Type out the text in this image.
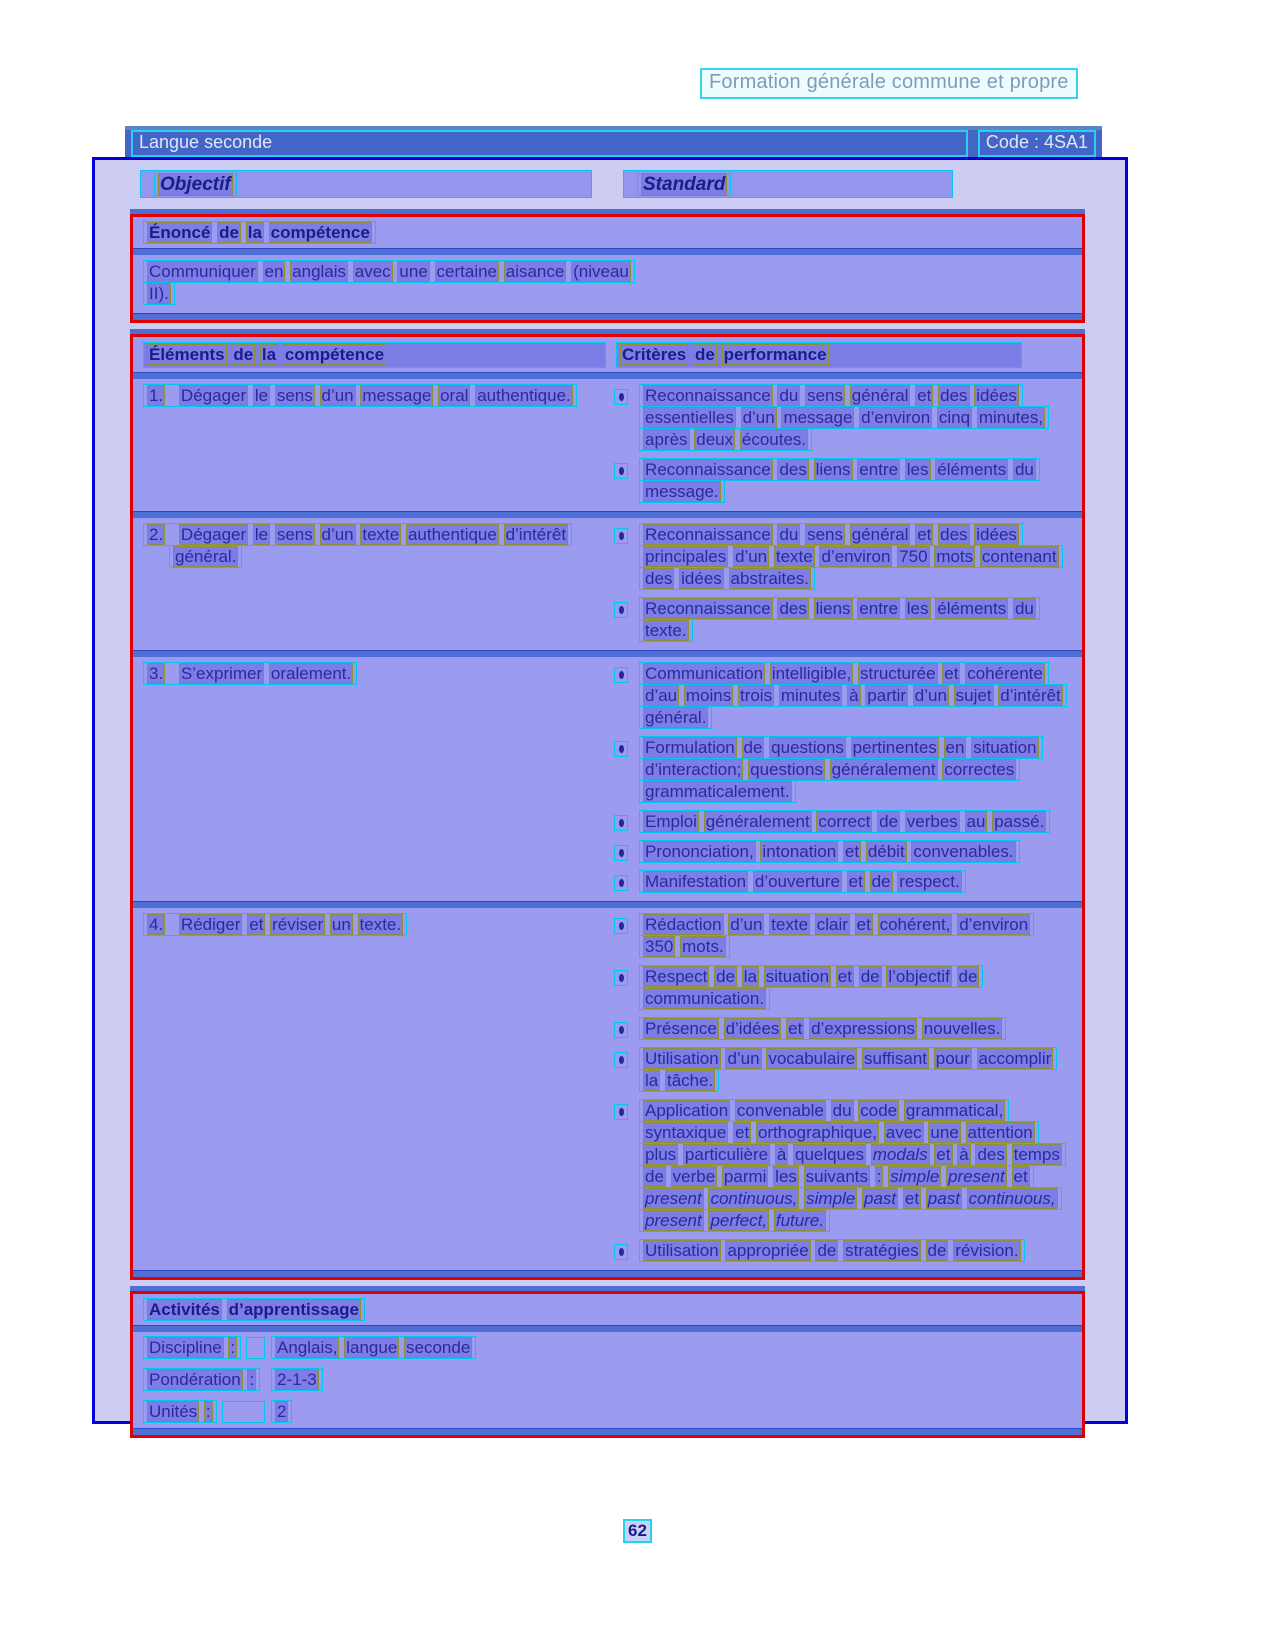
Formation générale commune et propre
Langue seconde	Code : 4SA1
Objectif	Standard
Énoncé de la compétence
Communiquer en anglais avec une certaine aisance (niveau II).
Éléments de la compétence	Critères de performance
1. Dégager le sens d’un message oral authentique.	Reconnaissance du sens général et des idées essentielles d’un message d’environ cinq minutes, après deux écoutes.
Reconnaissance des liens entre les éléments du message.
2. Dégager le sens d’un texte authentique d’intérêt général.
Reconnaissance du sens général et des idées principales d’un texte d’environ 750 mots contenant des idées abstraites.
Reconnaissance des liens entre les éléments du texte.
3. S’exprimer oralement.	Communication intelligible, structurée et cohérente d’au moins trois minutes à partir d’un sujet d’intérêt général.
Formulation de questions pertinentes en situation d’interaction; questions généralement correctes grammaticalement.
Emploi généralement correct de verbes au passé.
Prononciation, intonation et débit convenables.
Manifestation d’ouverture et de respect.
4. Rédiger et réviser un texte.	Rédaction d’un texte clair et cohérent, d’environ 350 mots.
Respect de la situation et de l’objectif de communication.
Présence d’idées et d’expressions nouvelles.
Utilisation d’un vocabulaire suffisant pour accomplir la tâche.
Application convenable du code grammatical, syntaxique et orthographique, avec une attention plus particulière à quelques modals et à des temps de verbe parmi les suivants : simple present et present continuous, simple past et past continuous, present perfect, future.
Utilisation appropriée de stratégies de révision.
Activités d’apprentissage
Discipline :	Anglais, langue seconde
Pondération :	2-1-3
Unités :	2
62
